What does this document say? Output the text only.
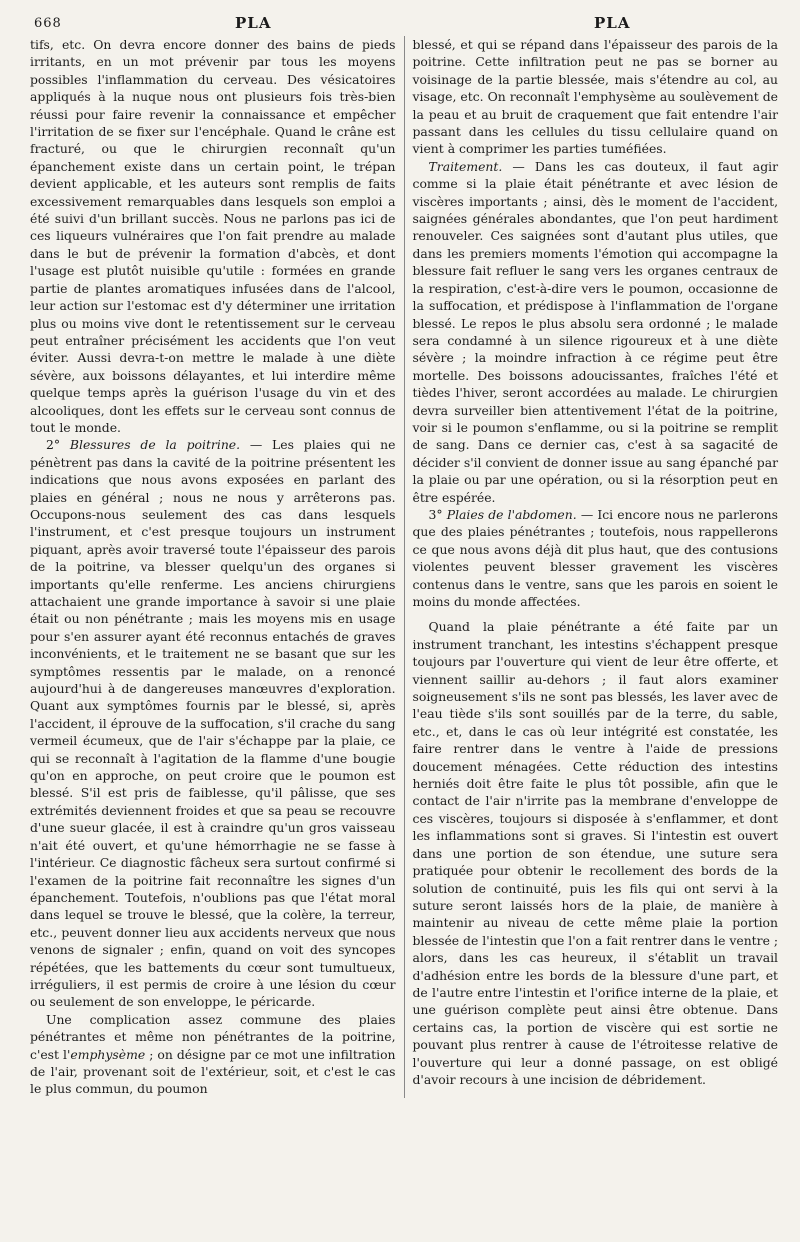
668	PLA	PLA

tifs, etc. On devra encore donner des bains de pieds irritants, en un mot prévenir par tous les moyens possibles l'inflammation du cerveau. Des vésicatoires appliqués à la nuque nous ont plusieurs fois très-bien réussi pour faire revenir la connaissance et empêcher l'irritation de se fixer sur l'encéphale. Quand le crâne est fracturé, ou que le chirurgien reconnaît qu'un épanchement existe dans un certain point, le trépan devient applicable, et les auteurs sont remplis de faits excessivement remarquables dans lesquels son emploi a été suivi d'un brillant succès. Nous ne parlons pas ici de ces liqueurs vulnéraires que l'on fait prendre au malade dans le but de prévenir la formation d'abcès, et dont l'usage est plutôt nuisible qu'utile : formées en grande partie de plantes aromatiques infusées dans de l'alcool, leur action sur l'estomac est d'y déterminer une irritation plus ou moins vive dont le retentissement sur le cerveau peut entraîner précisément les accidents que l'on veut éviter. Aussi devra-t-on mettre le malade à une diète sévère, aux boissons délayantes, et lui interdire même quelque temps après la guérison l'usage du vin et des alcooliques, dont les effets sur le cerveau sont connus de tout le monde.

2° Blessures de la poitrine. — Les plaies qui ne pénètrent pas dans la cavité de la poitrine présentent les indications que nous avons exposées en parlant des plaies en général ; nous ne nous y arrêterons pas. Occupons-nous seulement des cas dans lesquels l'instrument, et c'est presque toujours un instrument piquant, après avoir traversé toute l'épaisseur des parois de la poitrine, va blesser quelqu'un des organes si importants qu'elle renferme. Les anciens chirurgiens attachaient une grande importance à savoir si une plaie était ou non pénétrante ; mais les moyens mis en usage pour s'en assurer ayant été reconnus entachés de graves inconvénients, et le traitement ne se basant que sur les symptômes ressentis par le malade, on a renoncé aujourd'hui à de dangereuses manœuvres d'exploration. Quant aux symptômes fournis par le blessé, si, après l'accident, il éprouve de la suffocation, s'il crache du sang vermeil écumeux, que de l'air s'échappe par la plaie, ce qui se reconnaît à l'agitation de la flamme d'une bougie qu'on en approche, on peut croire que le poumon est blessé. S'il est pris de faiblesse, qu'il pâlisse, que ses extrémités deviennent froides et que sa peau se recouvre d'une sueur glacée, il est à craindre qu'un gros vaisseau n'ait été ouvert, et qu'une hémorrhagie ne se fasse à l'intérieur. Ce diagnostic fâcheux sera surtout confirmé si l'examen de la poitrine fait reconnaître les signes d'un épanchement. Toutefois, n'oublions pas que l'état moral dans lequel se trouve le blessé, que la colère, la terreur, etc., peuvent donner lieu aux accidents nerveux que nous venons de signaler ; enfin, quand on voit des syncopes répétées, que les battements du cœur sont tumultueux, irréguliers, il est permis de croire à une lésion du cœur ou seulement de son enveloppe, le péricarde.

Une complication assez commune des plaies pénétrantes et même non pénétrantes de la poitrine, c'est l'emphysème ; on désigne par ce mot une infiltration de l'air, provenant soit de l'extérieur, soit, et c'est le cas le plus commun, du poumon

blessé, et qui se répand dans l'épaisseur des parois de la poitrine. Cette infiltration peut ne pas se borner au voisinage de la partie blessée, mais s'étendre au col, au visage, etc. On reconnaît l'emphysème au soulèvement de la peau et au bruit de craquement que fait entendre l'air passant dans les cellules du tissu cellulaire quand on vient à comprimer les parties tuméfiées.

Traitement. — Dans les cas douteux, il faut agir comme si la plaie était pénétrante et avec lésion de viscères importants ; ainsi, dès le moment de l'accident, saignées générales abondantes, que l'on peut hardiment renouveler. Ces saignées sont d'autant plus utiles, que dans les premiers moments l'émotion qui accompagne la blessure fait refluer le sang vers les organes centraux de la respiration, c'est-à-dire vers le poumon, occasionne de la suffocation, et prédispose à l'inflammation de l'organe blessé. Le repos le plus absolu sera ordonné ; le malade sera condamné à un silence rigoureux et à une diète sévère ; la moindre infraction à ce régime peut être mortelle. Des boissons adoucissantes, fraîches l'été et tièdes l'hiver, seront accordées au malade. Le chirurgien devra surveiller bien attentivement l'état de la poitrine, voir si le poumon s'enflamme, ou si la poitrine se remplit de sang. Dans ce dernier cas, c'est à sa sagacité de décider s'il convient de donner issue au sang épanché par la plaie ou par une opération, ou si la résorption peut en être espérée.

3° Plaies de l'abdomen. — Ici encore nous ne parlerons que des plaies pénétrantes ; toutefois, nous rappellerons ce que nous avons déjà dit plus haut, que des contusions violentes peuvent blesser gravement les viscères contenus dans le ventre, sans que les parois en soient le moins du monde affectées.

Quand la plaie pénétrante a été faite par un instrument tranchant, les intestins s'échappent presque toujours par l'ouverture qui vient de leur être offerte, et viennent saillir au-dehors ; il faut alors examiner soigneusement s'ils ne sont pas blessés, les laver avec de l'eau tiède s'ils sont souillés par de la terre, du sable, etc., et, dans le cas où leur intégrité est constatée, les faire rentrer dans le ventre à l'aide de pressions doucement ménagées. Cette réduction des intestins herniés doit être faite le plus tôt possible, afin que le contact de l'air n'irrite pas la membrane d'enveloppe de ces viscères, toujours si disposée à s'enflammer, et dont les inflammations sont si graves. Si l'intestin est ouvert dans une portion de son étendue, une suture sera pratiquée pour obtenir le recollement des bords de la solution de continuité, puis les fils qui ont servi à la suture seront laissés hors de la plaie, de manière à maintenir au niveau de cette même plaie la portion blessée de l'intestin que l'on a fait rentrer dans le ventre ; alors, dans les cas heureux, il s'établit un travail d'adhésion entre les bords de la blessure d'une part, et de l'autre entre l'intestin et l'orifice interne de la plaie, et une guérison complète peut ainsi être obtenue. Dans certains cas, la portion de viscère qui est sortie ne pouvant plus rentrer à cause de l'étroitesse relative de l'ouverture qui leur a donné passage, on est obligé d'avoir recours à une incision de débridement.
